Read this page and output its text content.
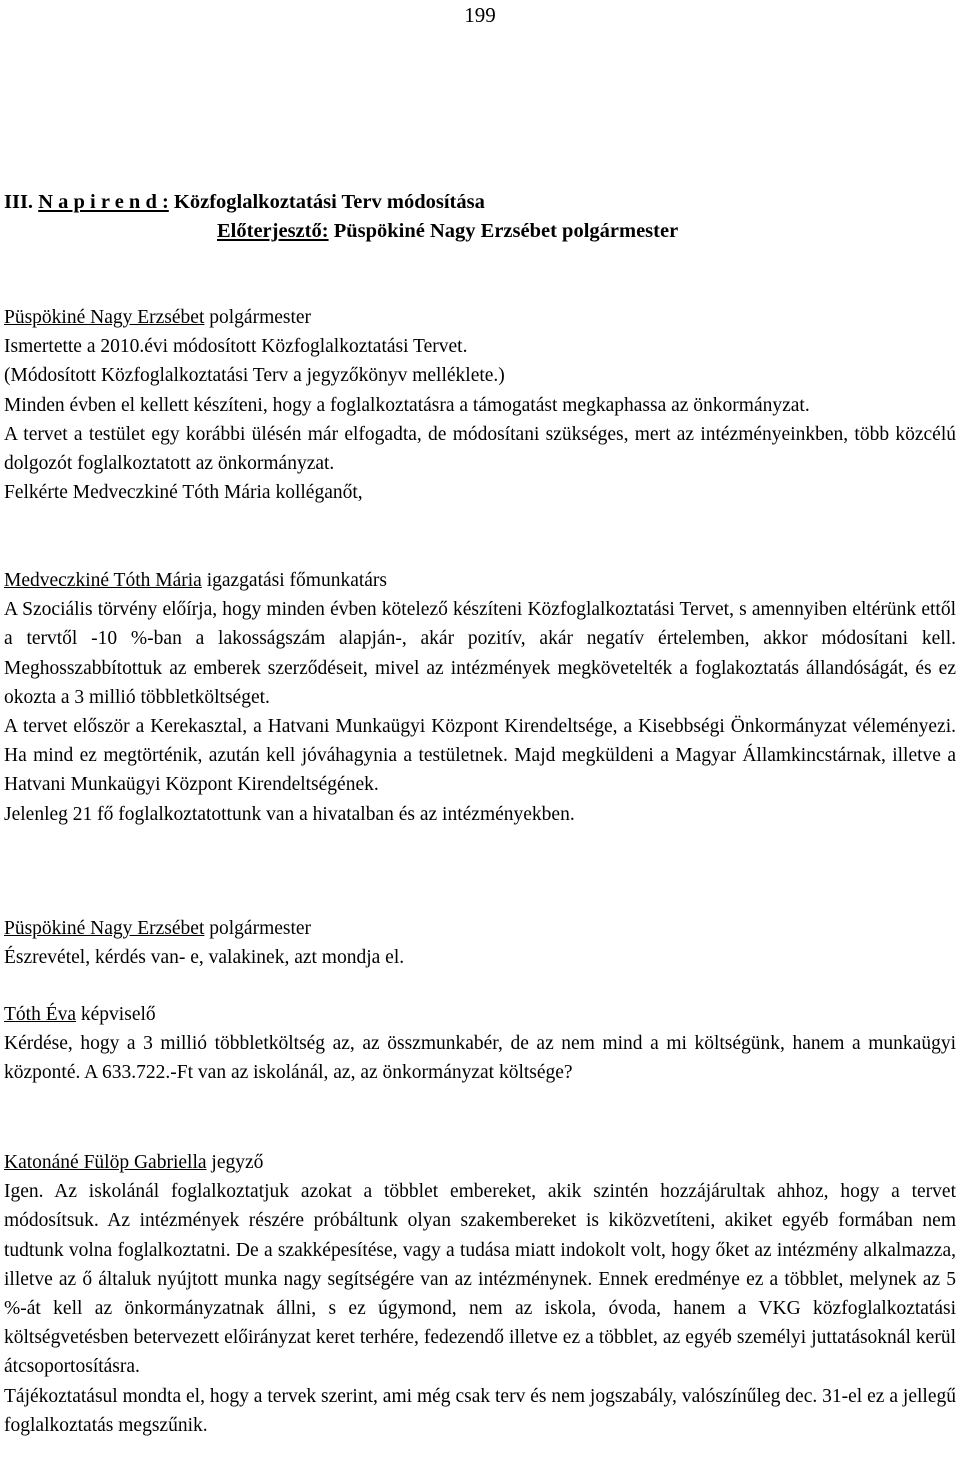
199
III. N a p i r e n d : Közfoglalkoztatási Terv módosítása
Előterjesztő: Püspökiné Nagy Erzsébet polgármester
Püspökiné Nagy Erzsébet polgármester

Ismertette a 2010.évi módosított Közfoglalkoztatási Tervet.

(Módosított Közfoglalkoztatási Terv a jegyzőkönyv melléklete.)

Minden évben el kellett készíteni, hogy a foglalkoztatásra a támogatást megkaphassa az önkormányzat.

A tervet a testület egy korábbi ülésén már elfogadta, de módosítani szükséges, mert az intézményeinkben, több közcélú dolgozót foglalkoztatott az önkormányzat.

Felkérte Medveczkiné Tóth Mária kolléganőt,

Medveczkiné Tóth Mária igazgatási főmunkatárs

A Szociális törvény előírja, hogy minden évben kötelező készíteni Közfoglalkoztatási Tervet, s amennyiben eltérünk ettől a tervtől -10 %-ban a lakosságszám alapján-, akár pozitív, akár negatív értelemben, akkor módosítani kell. Meghosszabbítottuk az emberek szerződéseit, mivel az intézmények megkövetelték a foglakoztatás állandóságát, és ez okozta a 3 millió többletköltséget.

A tervet először a Kerekasztal, a Hatvani Munkaügyi Központ Kirendeltsége, a Kisebbségi Önkormányzat véleményezi. Ha mind ez megtörténik, azután kell jóváhagynia a testületnek. Majd megküldeni a Magyar Államkincstárnak, illetve a Hatvani Munkaügyi Központ Kirendeltségének.

Jelenleg 21 fő foglalkoztatottunk van a hivatalban és az intézményekben.

Püspökiné Nagy Erzsébet polgármester

Észrevétel, kérdés van- e, valakinek, azt mondja el.

Tóth Éva képviselő

Kérdése, hogy a 3 millió többletköltség az, az összmunkabér, de az nem mind a mi költségünk, hanem a munkaügyi központé. A 633.722.-Ft van az iskolánál, az, az önkormányzat költsége?

Katonáné Fülöp Gabriella jegyző

Igen. Az iskolánál foglalkoztatjuk azokat a többlet embereket, akik szintén hozzájárultak ahhoz, hogy a tervet módosítsuk. Az intézmények részére próbáltunk olyan szakembereket is kiközvetíteni, akiket egyéb formában nem tudtunk volna foglalkoztatni. De a szakképesítése, vagy a tudása miatt indokolt volt, hogy őket az intézmény alkalmazza, illetve az ő általuk nyújtott munka nagy segítségére van az intézménynek. Ennek eredménye ez a többlet, melynek az 5 %-át kell az önkormányzatnak állni, s ez úgymond, nem az iskola, óvoda, hanem a VKG közfoglalkoztatási költségvetésben betervezett előirányzat keret terhére, fedezendő illetve ez a többlet, az egyéb személyi juttatásoknál kerül átcsoportosításra.

Tájékoztatásul mondta el, hogy a tervek szerint, ami még csak terv és nem jogszabály, valószínűleg dec. 31-el ez a jellegű foglalkoztatás megszűnik.
